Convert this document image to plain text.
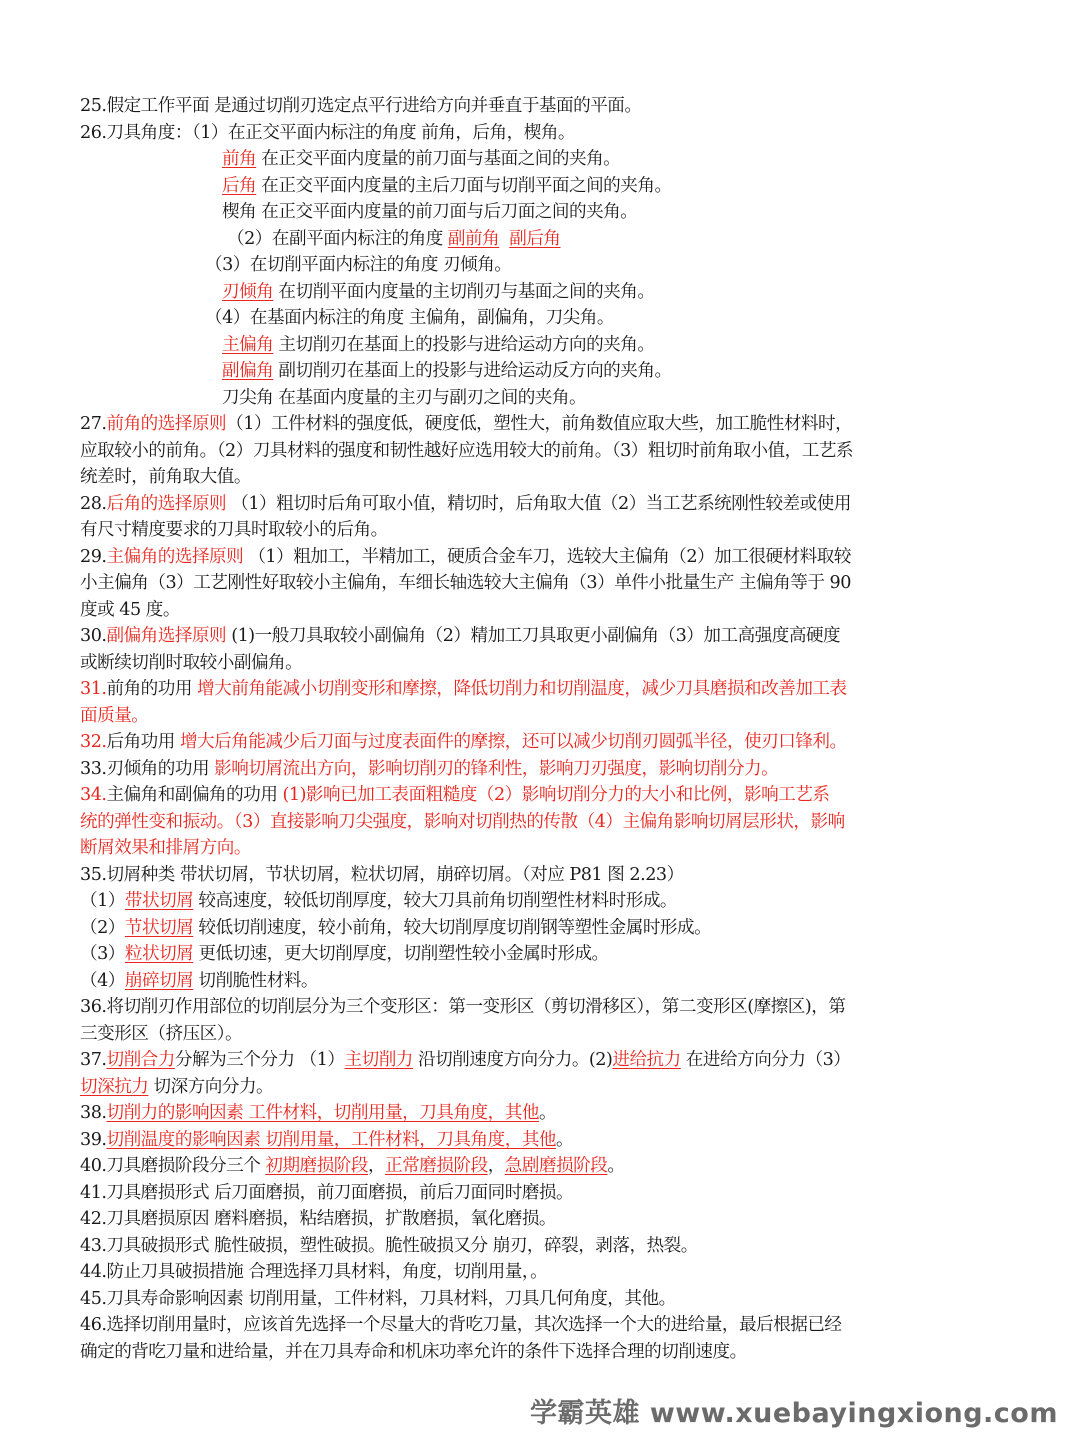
25.假定工作平面 是通过切削刃选定点平行进给方向并垂直于基面的平面。
26.刀具角度：（1）在正交平面内标注的角度 前角，后角，楔角。
前角 在正交平面内度量的前刀面与基面之间的夹角。
后角 在正交平面内度量的主后刀面与切削平面之间的夹角。
楔角 在正交平面内度量的前刀面与后刀面之间的夹角。
（2）在副平面内标注的角度 副前角 副后角
（3）在切削平面内标注的角度 刃倾角。
刃倾角 在切削平面内度量的主切削刃与基面之间的夹角。
（4）在基面内标注的角度 主偏角，副偏角，刀尖角。
主偏角 主切削刃在基面上的投影与进给运动方向的夹角。
副偏角 副切削刃在基面上的投影与进给运动反方向的夹角。
刀尖角 在基面内度量的主刃与副刃之间的夹角。
27.前角的选择原则（1）工件材料的强度低，硬度低，塑性大，前角数值应取大些，加工脆性材料时，
应取较小的前角。（2）刀具材料的强度和韧性越好应选用较大的前角。（3）粗切时前角取小值，工艺系
统差时，前角取大值。
28.后角的选择原则 （1）粗切时后角可取小值，精切时，后角取大值（2）当工艺系统刚性较差或使用
有尺寸精度要求的刀具时取较小的后角。
29.主偏角的选择原则 （1）粗加工，半精加工，硬质合金车刀，选较大主偏角（2）加工很硬材料取较
小主偏角（3）工艺刚性好取较小主偏角，车细长轴选较大主偏角（3）单件小批量生产 主偏角等于 90
度或 45 度。
30.副偏角选择原则 (1)一般刀具取较小副偏角（2）精加工刀具取更小副偏角（3）加工高强度高硬度
或断续切削时取较小副偏角。
31.前角的功用 增大前角能减小切削变形和摩擦，降低切削力和切削温度，减少刀具磨损和改善加工表
面质量。
32.后角功用 增大后角能减少后刀面与过度表面件的摩擦，还可以减少切削刃圆弧半径，使刃口锋利。
33.刃倾角的功用 影响切屑流出方向，影响切削刃的锋利性，影响刀刃强度，影响切削分力。
34.主偏角和副偏角的功用 (1)影响已加工表面粗糙度（2）影响切削分力的大小和比例，影响工艺系
统的弹性变和振动。（3）直接影响刀尖强度，影响对切削热的传散（4）主偏角影响切屑层形状，影响
断屑效果和排屑方向。
35.切屑种类 带状切屑，节状切屑，粒状切屑，崩碎切屑。（对应 P81 图 2.23）
（1）带状切屑 较高速度，较低切削厚度，较大刀具前角切削塑性材料时形成。
（2）节状切屑 较低切削速度，较小前角，较大切削厚度切削钢等塑性金属时形成。
（3）粒状切屑 更低切速，更大切削厚度，切削塑性较小金属时形成。
（4）崩碎切屑 切削脆性材料。
36.将切削刃作用部位的切削层分为三个变形区：第一变形区（剪切滑移区），第二变形区(摩擦区)，第
三变形区（挤压区）。
37.切削合力分解为三个分力 （1）主切削力 沿切削速度方向分力。(2)进给抗力 在进给方向分力（3）
切深抗力 切深方向分力。
38.切削力的影响因素 工件材料，切削用量，刀具角度，其他。
39.切削温度的影响因素 切削用量，工件材料，刀具角度，其他。
40.刀具磨损阶段分三个 初期磨损阶段，正常磨损阶段，急剧磨损阶段。
41.刀具磨损形式 后刀面磨损，前刀面磨损，前后刀面同时磨损。
42.刀具磨损原因 磨料磨损，粘结磨损，扩散磨损，氧化磨损。
43.刀具破损形式 脆性破损，塑性破损。脆性破损又分 崩刃，碎裂，剥落，热裂。
44.防止刀具破损措施 合理选择刀具材料，角度，切削用量，。
45.刀具寿命影响因素 切削用量，工件材料，刀具材料，刀具几何角度，其他。
46.选择切削用量时，应该首先选择一个尽量大的背吃刀量，其次选择一个大的进给量，最后根据已经
确定的背吃刀量和进给量，并在刀具寿命和机床功率允许的条件下选择合理的切削速度。
学霸英雄 www.xuebayingxiong.com
